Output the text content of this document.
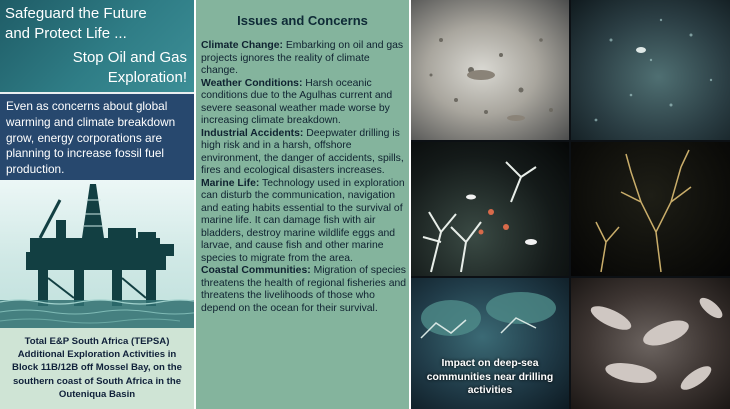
Safeguard the Future
and Protect Life ...
Stop Oil and Gas
Exploration!

Even as concerns about global warming and climate breakdown grow, energy corporations are planning to increase fossil fuel production.

Total E&P South Africa (TEPSA) Additional Exploration Activities in Block 11B/12B off Mossel Bay, on the southern coast of South Africa in the Outeniqua Basin

Issues and Concerns

Climate Change: Embarking on oil and gas projects ignores the reality of climate change.

Weather Conditions: Harsh oceanic conditions due to the Agulhas current and severe seasonal weather made worse by increasing climate breakdown.

Industrial Accidents: Deepwater drilling is high risk and in a harsh, offshore environment, the danger of accidents, spills, fires and ecological disasters increases.

Marine Life: Technology used in exploration can disturb the communication, navigation and eating habits essential to the survival of marine life. It can damage fish with air bladders, destroy marine wildlife eggs and larvae, and cause fish and other marine species to migrate from the area.

Coastal Communities: Migration of species threatens the health of regional fisheries and threatens the livelihoods of those who depend on the ocean for their survival.

Impact on deep-sea communities near drilling activities
